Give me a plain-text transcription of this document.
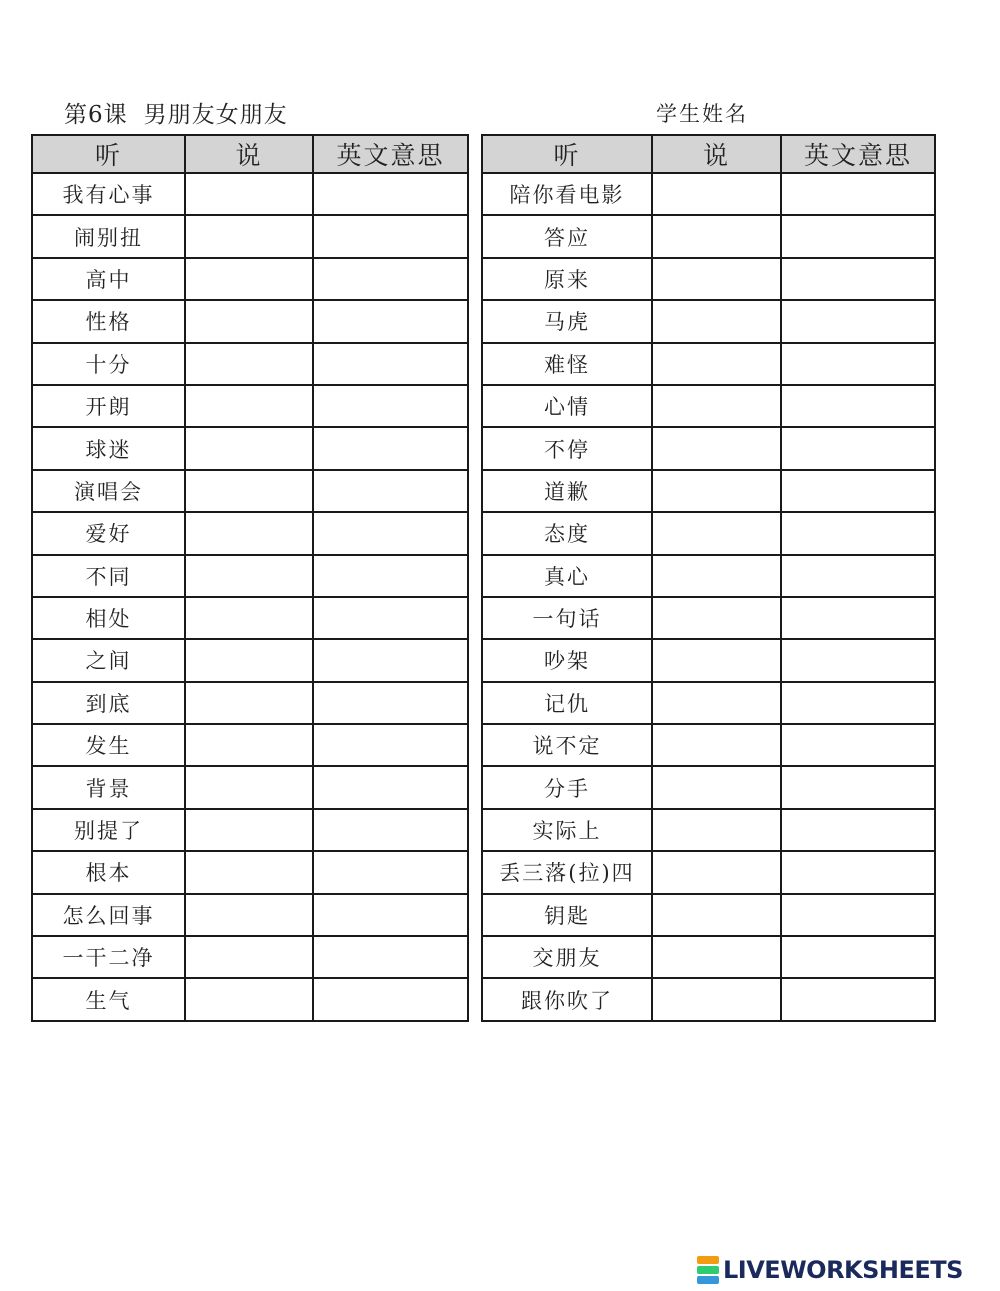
第6课 男朋友女朋友	学生姓名
听	说	英文意思
我有心事		
闹别扭		
高中		
性格		
十分		
开朗		
球迷		
演唱会		
爱好		
不同		
相处		
之间		
到底		
发生		
背景		
别提了		
根本		
怎么回事		
一干二净		
生气		
听	说	英文意思
陪你看电影		
答应		
原来		
马虎		
难怪		
心情		
不停		
道歉		
态度		
真心		
一句话		
吵架		
记仇		
说不定		
分手		
实际上		
丢三落(拉)四		
钥匙		
交朋友		
跟你吹了		
LIVEWORKSHEETS
